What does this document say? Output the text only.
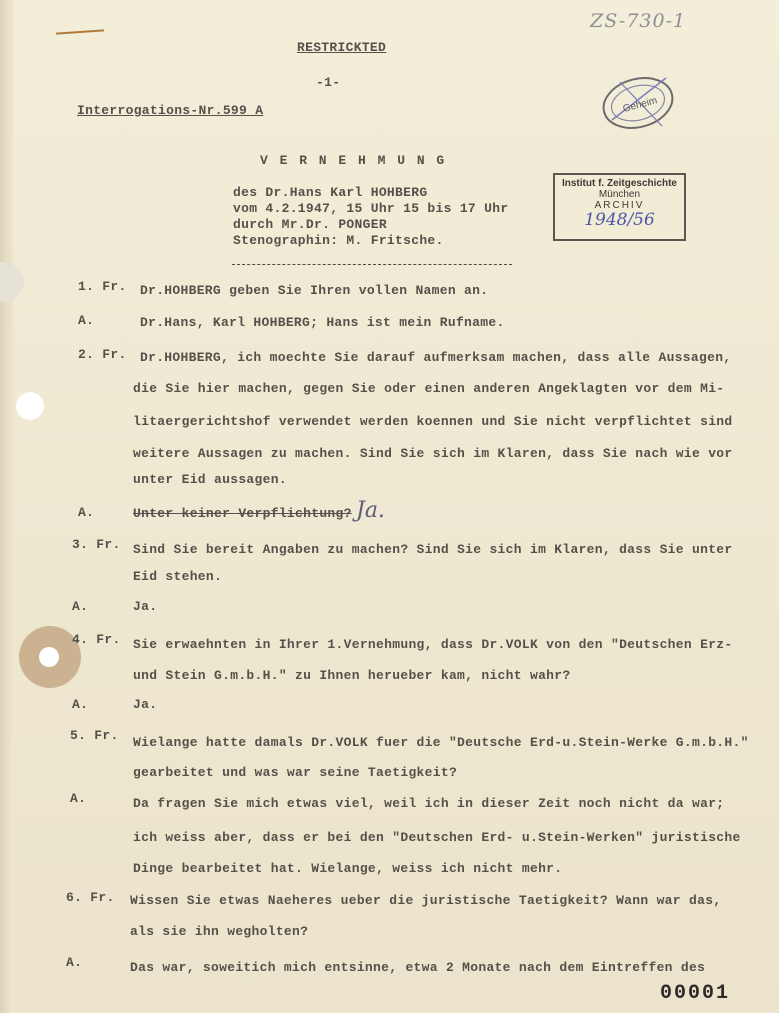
ZS-730-1
RESTRICKTED
-1-
Interrogations-Nr.599 A	Geheim
V E R N E H M U N G
des Dr.Hans Karl HOHBERG
vom 4.2.1947, 15 Uhr 15 bis 17 Uhr
durch Mr.Dr. PONGER
Stenographin: M. Fritsche.
Institut f. Zeitgeschichte
München
ARCHIV
1948/56
1. Fr. Dr.HOHBERG geben Sie Ihren vollen Namen an.
A.	Dr.Hans, Karl HOHBERG; Hans ist mein Rufname.
2. Fr. Dr.HOHBERG, ich moechte Sie darauf aufmerksam machen, dass alle Aussagen,
die Sie hier machen, gegen Sie oder einen anderen Angeklagten vor dem Mi-
litaergerichtshof verwendet werden koennen und Sie nicht verpflichtet sind
weitere Aussagen zu machen. Sind Sie sich im Klaren, dass Sie nach wie vor
unter Eid aussagen.
A.	Unter keiner Verpflichtung? Ja.
3. Fr. Sind Sie bereit Angaben zu machen? Sind Sie sich im Klaren, dass Sie unter
Eid stehen.
A.	Ja.
4. Fr. Sie erwaehnten in Ihrer 1.Vernehmung, dass Dr.VOLK von den "Deutschen Erz-
und Stein G.m.b.H." zu Ihnen herueber kam, nicht wahr?
A.	Ja.
5. Fr. Wielange hatte damals Dr.VOLK fuer die "Deutsche Erd-u.Stein-Werke G.m.b.H."
gearbeitet und was war seine Taetigkeit?
A.	Da fragen Sie mich etwas viel, weil ich in dieser Zeit noch nicht da war;
ich weiss aber, dass er bei den "Deutschen Erd- u.Stein-Werken" juristische
Dinge bearbeitet hat. Wielange, weiss ich nicht mehr.
6. Fr. Wissen Sie etwas Naeheres ueber die juristische Taetigkeit? Wann war das,
als sie ihn wegholten?
A.	Das war, soweitich mich entsinne, etwa 2 Monate nach dem Eintreffen des
00001
